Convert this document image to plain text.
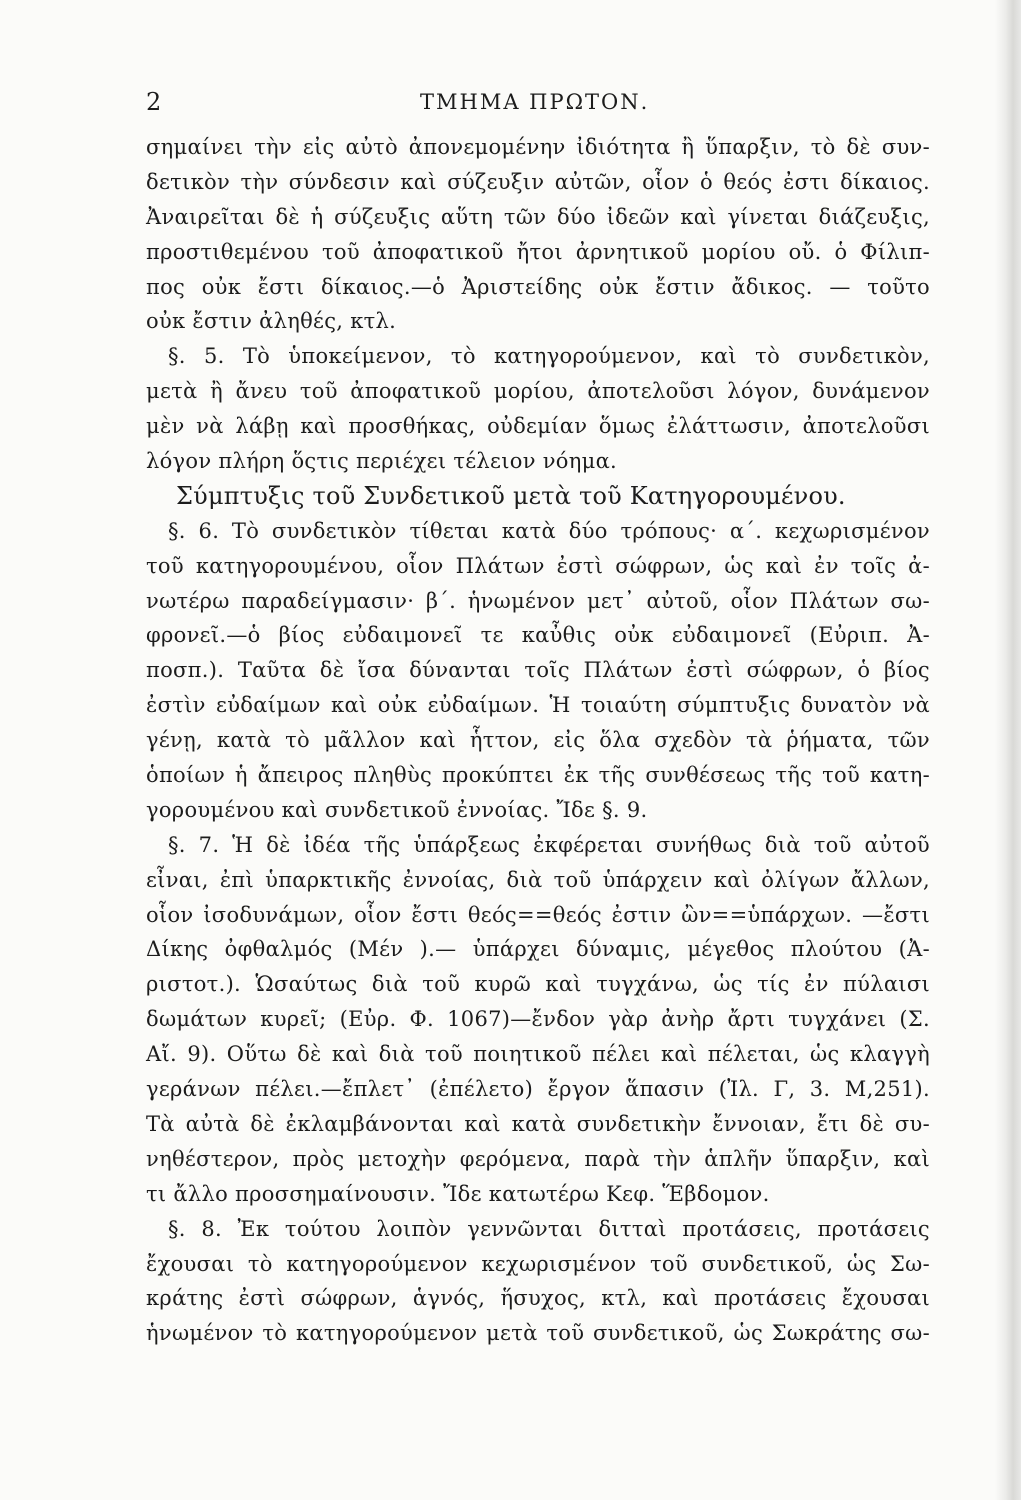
2	ΤΜΗΜΑ ΠΡΩΤΟΝ.
σημαίνει τὴν εἰς αὐτὸ ἀπονεμομένην ἰδιότητα ἢ ὕπαρξιν, τὸ δὲ συν-
δετικὸν τὴν σύνδεσιν καὶ σύζευξιν αὐτῶν, οἷον ὁ θεός ἐστι δίκαιος.
Ἀναιρεῖται δὲ ἡ σύζευξις αὕτη τῶν δύο ἰδεῶν καὶ γίνεται διάζευξις,
προστιθεμένου τοῦ ἀποφατικοῦ ἤτοι ἀρνητικοῦ μορίου οὔ. ὁ Φίλιπ-
πος οὐκ ἔστι δίκαιος.—ὁ Ἀριστείδης οὐκ ἔστιν ἄδικος. — τοῦτο
οὐκ ἔστιν ἀληθές, κτλ.
§. 5. Τὸ ὑποκείμενον, τὸ κατηγορούμενον, καὶ τὸ συνδετικὸν,
μετὰ ἢ ἄνευ τοῦ ἀποφατικοῦ μορίου, ἀποτελοῦσι λόγον, δυνάμενον
μὲν νὰ λάβῃ καὶ προσθήκας, οὐδεμίαν ὅμως ἐλάττωσιν, ἀποτελοῦσι
λόγον πλήρη ὅςτις περιέχει τέλειον νόημα.
Σύμπτυξις τοῦ Συνδετικοῦ μετὰ τοῦ Κατηγορουμένου.
§. 6. Τὸ συνδετικὸν τίθεται κατὰ δύο τρόπους· α΄. κεχωρισμένον
τοῦ κατηγορουμένου, οἷον Πλάτων ἐστὶ σώφρων, ὡς καὶ ἐν τοῖς ἀ-
νωτέρω παραδείγμασιν· β΄. ἡνωμένον μετ᾿ αὐτοῦ, οἷον Πλάτων σω-
φρονεῖ.—ὁ βίος εὐδαιμονεῖ τε καὖθις οὐκ εὐδαιμονεῖ (Εὐριπ. Ἀ-
ποσπ.). Ταῦτα δὲ ἴσα δύνανται τοῖς Πλάτων ἐστὶ σώφρων, ὁ βίος
ἐστὶν εὐδαίμων καὶ οὐκ εὐδαίμων. Ἡ τοιαύτη σύμπτυξις δυνατὸν νὰ
γένῃ, κατὰ τὸ μᾶλλον καὶ ἧττον, εἰς ὅλα σχεδὸν τὰ ῥήματα, τῶν
ὁποίων ἡ ἄπειρος πληθὺς προκύπτει ἐκ τῆς συνθέσεως τῆς τοῦ κατη-
γορουμένου καὶ συνδετικοῦ ἐννοίας. Ἴδε §. 9.
§. 7. Ἡ δὲ ἰδέα τῆς ὑπάρξεως ἐκφέρεται συνήθως διὰ τοῦ αὐτοῦ
εἶναι, ἐπὶ ὑπαρκτικῆς ἐννοίας, διὰ τοῦ ὑπάρχειν καὶ ὀλίγων ἄλλων,
οἷον ἰσοδυνάμων, οἷον ἔστι θεός==θεός ἐστιν ὢν==ὑπάρχων. —ἔστι
Δίκης ὀφθαλμός (Μέν ).— ὑπάρχει δύναμις, μέγεθος πλούτου (Ἀ-
ριστοτ.). Ὡσαύτως διὰ τοῦ κυρῶ καὶ τυγχάνω, ὡς τίς ἐν πύλαισι
δωμάτων κυρεῖ; (Εὐρ. Φ. 1067)—ἔνδον γὰρ ἀνὴρ ἄρτι τυγχάνει (Σ.
Αἴ. 9). Οὕτω δὲ καὶ διὰ τοῦ ποιητικοῦ πέλει καὶ πέλεται, ὡς κλαγγὴ
γεράνων πέλει.—ἔπλετ᾿ (ἐπέλετο) ἔργον ἅπασιν (Ἰλ. Γ, 3. Μ,251).
Τὰ αὐτὰ δὲ ἐκλαμβάνονται καὶ κατὰ συνδετικὴν ἔννοιαν, ἔτι δὲ συ-
νηθέστερον, πρὸς μετοχὴν φερόμενα, παρὰ τὴν ἁπλῆν ὕπαρξιν, καὶ
τι ἄλλο προσσημαίνουσιν. Ἴδε κατωτέρω Κεφ. Ἕβδομον.
§. 8. Ἐκ τούτου λοιπὸν γεννῶνται διτταὶ προτάσεις, προτάσεις
ἔχουσαι τὸ κατηγορούμενον κεχωρισμένον τοῦ συνδετικοῦ, ὡς Σω-
κράτης ἐστὶ σώφρων, ἁγνός, ἥσυχος, κτλ, καὶ προτάσεις ἔχουσαι
ἡνωμένον τὸ κατηγορούμενον μετὰ τοῦ συνδετικοῦ, ὡς Σωκράτης σω-
